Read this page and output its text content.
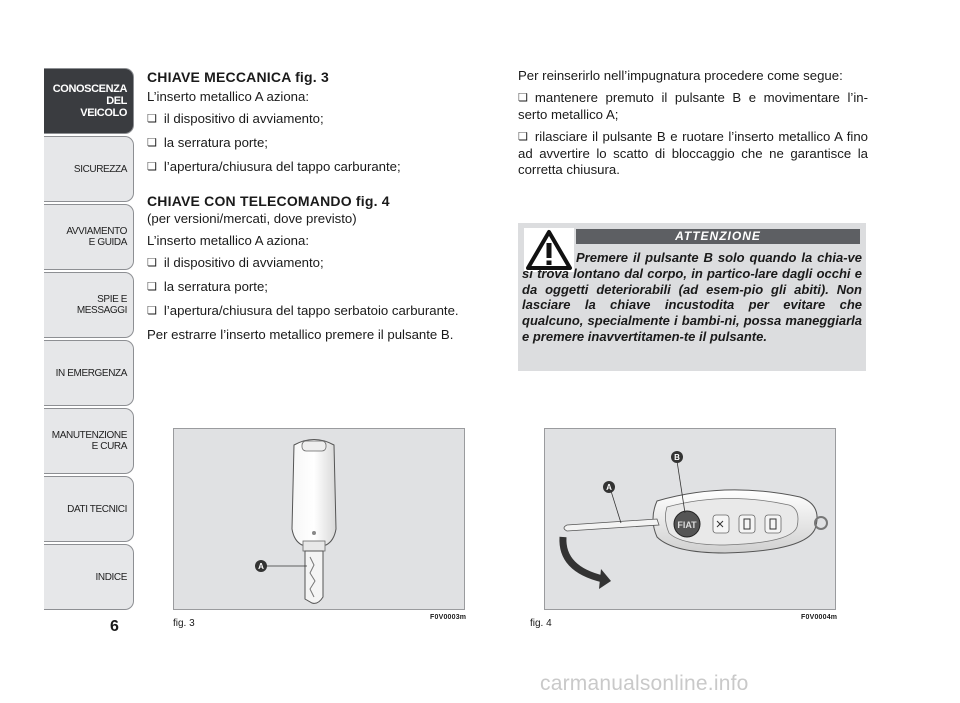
CONOSCENZA
DEL
VEICOLO
SICUREZZA
AVVIAMENTO
E GUIDA
SPIE E
MESSAGGI
IN EMERGENZA
MANUTENZIONE
E CURA
DATI TECNICI
INDICE
6
CHIAVE MECCANICA fig. 3
L’inserto metallico A aziona:
❏ il dispositivo di avviamento;
❏ la serratura porte;
❏ l’apertura/chiusura del tappo carburante;
CHIAVE CON TELECOMANDO fig. 4
(per versioni/mercati, dove previsto)
L’inserto metallico A aziona:
❏ il dispositivo di avviamento;
❏ la serratura porte;
❏ l’apertura/chiusura del tappo serbatoio carburante.
Per estrarre l’inserto metallico premere il pulsante B.
Per reinserirlo nell’impugnatura procedere come segue:
❏ mantenere premuto il pulsante B e movimentare l’in-serto metallico A;
❏ rilasciare il pulsante B e ruotare l’inserto metallico A fino ad avvertire lo scatto di bloccaggio che ne garantisce la corretta chiusura.
ATTENZIONE
Premere il pulsante B solo quando la chia-ve si trova lontano dal corpo, in partico-lare dagli occhi e da oggetti deteriorabili (ad esem-pio gli abiti). Non lasciare la chiave incustodita per evitare che qualcuno, specialmente i bambi-ni, possa maneggiarla e premere inavvertitamen-te il pulsante.
A
fig. 3
F0V0003m
FIAT
A
B
fig. 4
F0V0004m
carmanualsonline.info
